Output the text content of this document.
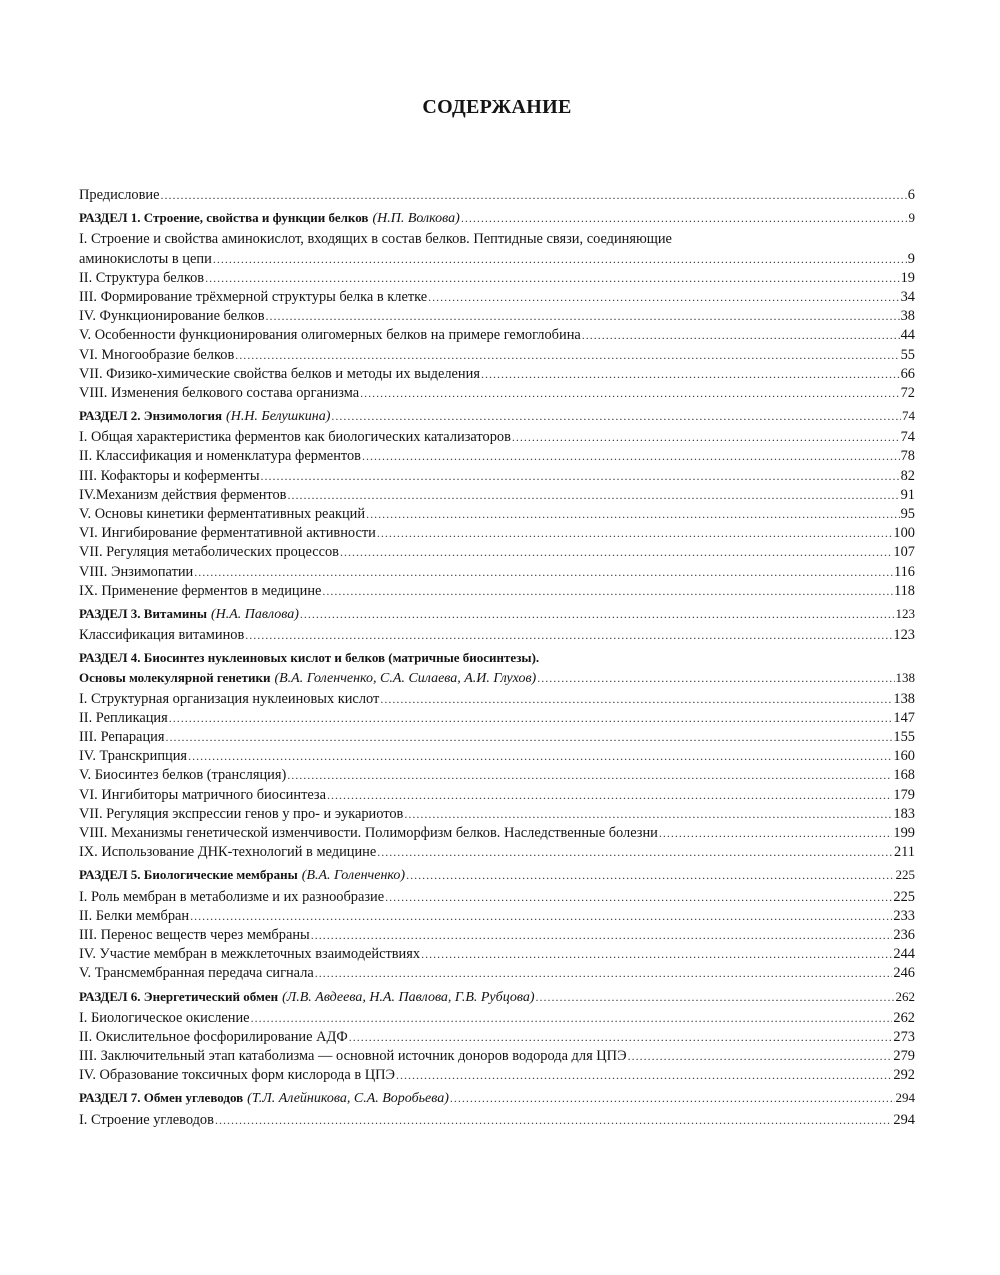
СОДЕРЖАНИЕ
Предисловие .....	6
РАЗДЕЛ 1. Строение, свойства и функции белков (Н.П. Волкова) .....	9
I. Строение и свойства аминокислот, входящих в состав белков. Пептидные связи, соединяющие
аминокислоты в цепи .....	9
II. Структура белков .....	19
III. Формирование трёхмерной структуры белка в клетке .....	34
IV. Функционирование белков .....	38
V. Особенности функционирования олигомерных белков на примере гемоглобина .....	44
VI. Многообразие белков .....	55
VII. Физико-химические свойства белков и методы их выделения .....	66
VIII. Изменения белкового состава организма .....	72
РАЗДЕЛ 2. Энзимология (Н.Н. Белушкина) .....	74
I. Общая характеристика ферментов как биологических катализаторов .....	74
II. Классификация и номенклатура ферментов .....	78
III. Кофакторы и коферменты .....	82
IV.Механизм действия ферментов .....	91
V. Основы кинетики ферментативных реакций .....	95
VI. Ингибирование ферментативной активности .....	100
VII. Регуляция метаболических процессов .....	107
VIII. Энзимопатии .....	116
IX. Применение ферментов в медицине .....	118
РАЗДЕЛ 3. Витамины (Н.А. Павлова) .....	123
Классификация витаминов .....	123
РАЗДЕЛ 4. Биосинтез нуклеиновых кислот и белков (матричные биосинтезы).
Основы молекулярной генетики (В.А. Голенченко, С.А. Силаева, А.И. Глухов) .....	138
I. Структурная организация нуклеиновых кислот .....	138
II. Репликация .....	147
III. Репарация .....	155
IV. Транскрипция .....	160
V. Биосинтез белков (трансляция) .....	168
VI. Ингибиторы матричного биосинтеза .....	179
VII. Регуляция экспрессии генов у про- и эукариотов .....	183
VIII. Механизмы генетической изменчивости. Полиморфизм белков. Наследственные болезни .....	199
IX. Использование ДНК-технологий в медицине .....	211
РАЗДЕЛ 5. Биологические мембраны (В.А. Голенченко) .....	225
I. Роль мембран в метаболизме и их разнообразие .....	225
II. Белки мембран .....	233
III. Перенос веществ через мембраны .....	236
IV. Участие мембран в межклеточных взаимодействиях .....	244
V. Трансмембранная передача сигнала .....	246
РАЗДЕЛ 6. Энергетический обмен (Л.В. Авдеева, Н.А. Павлова, Г.В. Рубцова) .....	262
I. Биологическое окисление .....	262
II. Окислительное фосфорилирование АДФ .....	273
III. Заключительный этап катаболизма — основной источник доноров водорода для ЦПЭ .....	279
IV. Образование токсичных форм кислорода в ЦПЭ .....	292
РАЗДЕЛ 7. Обмен углеводов (Т.Л. Алейникова, С.А. Воробьева) .....	294
I. Строение углеводов .....	294
